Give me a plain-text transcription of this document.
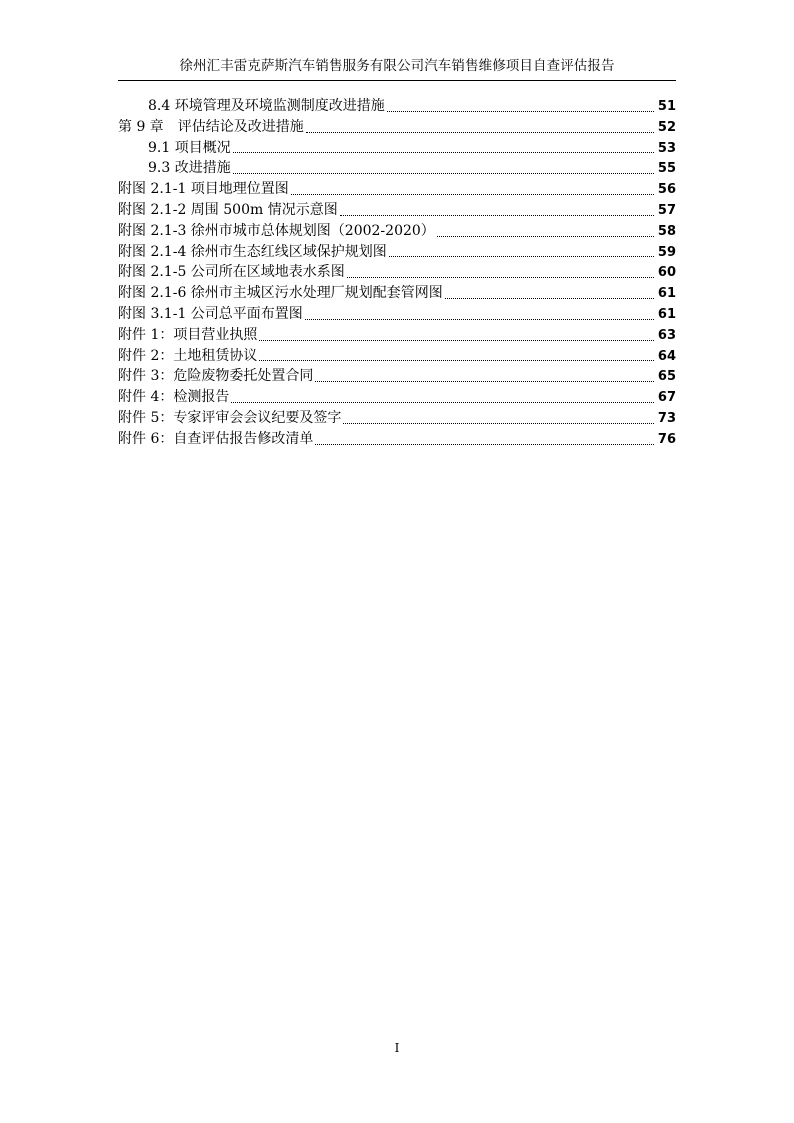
徐州汇丰雷克萨斯汽车销售服务有限公司汽车销售维修项目自查评估报告
8.4 环境管理及环境监测制度改进措施	51
第 9 章　评估结论及改进措施	52
9.1 项目概况	53
9.3 改进措施	55
附图 2.1-1 项目地理位置图	56
附图 2.1-2 周围 500m 情况示意图	57
附图 2.1-3 徐州市城市总体规划图（2002-2020）	58
附图 2.1-4 徐州市生态红线区域保护规划图	59
附图 2.1-5 公司所在区域地表水系图	60
附图 2.1-6 徐州市主城区污水处理厂规划配套管网图	61
附图 3.1-1 公司总平面布置图	61
附件 1：项目营业执照	63
附件 2：土地租赁协议	64
附件 3：危险废物委托处置合同	65
附件 4：检测报告	67
附件 5：专家评审会会议纪要及签字	73
附件 6：自查评估报告修改清单	76
I
